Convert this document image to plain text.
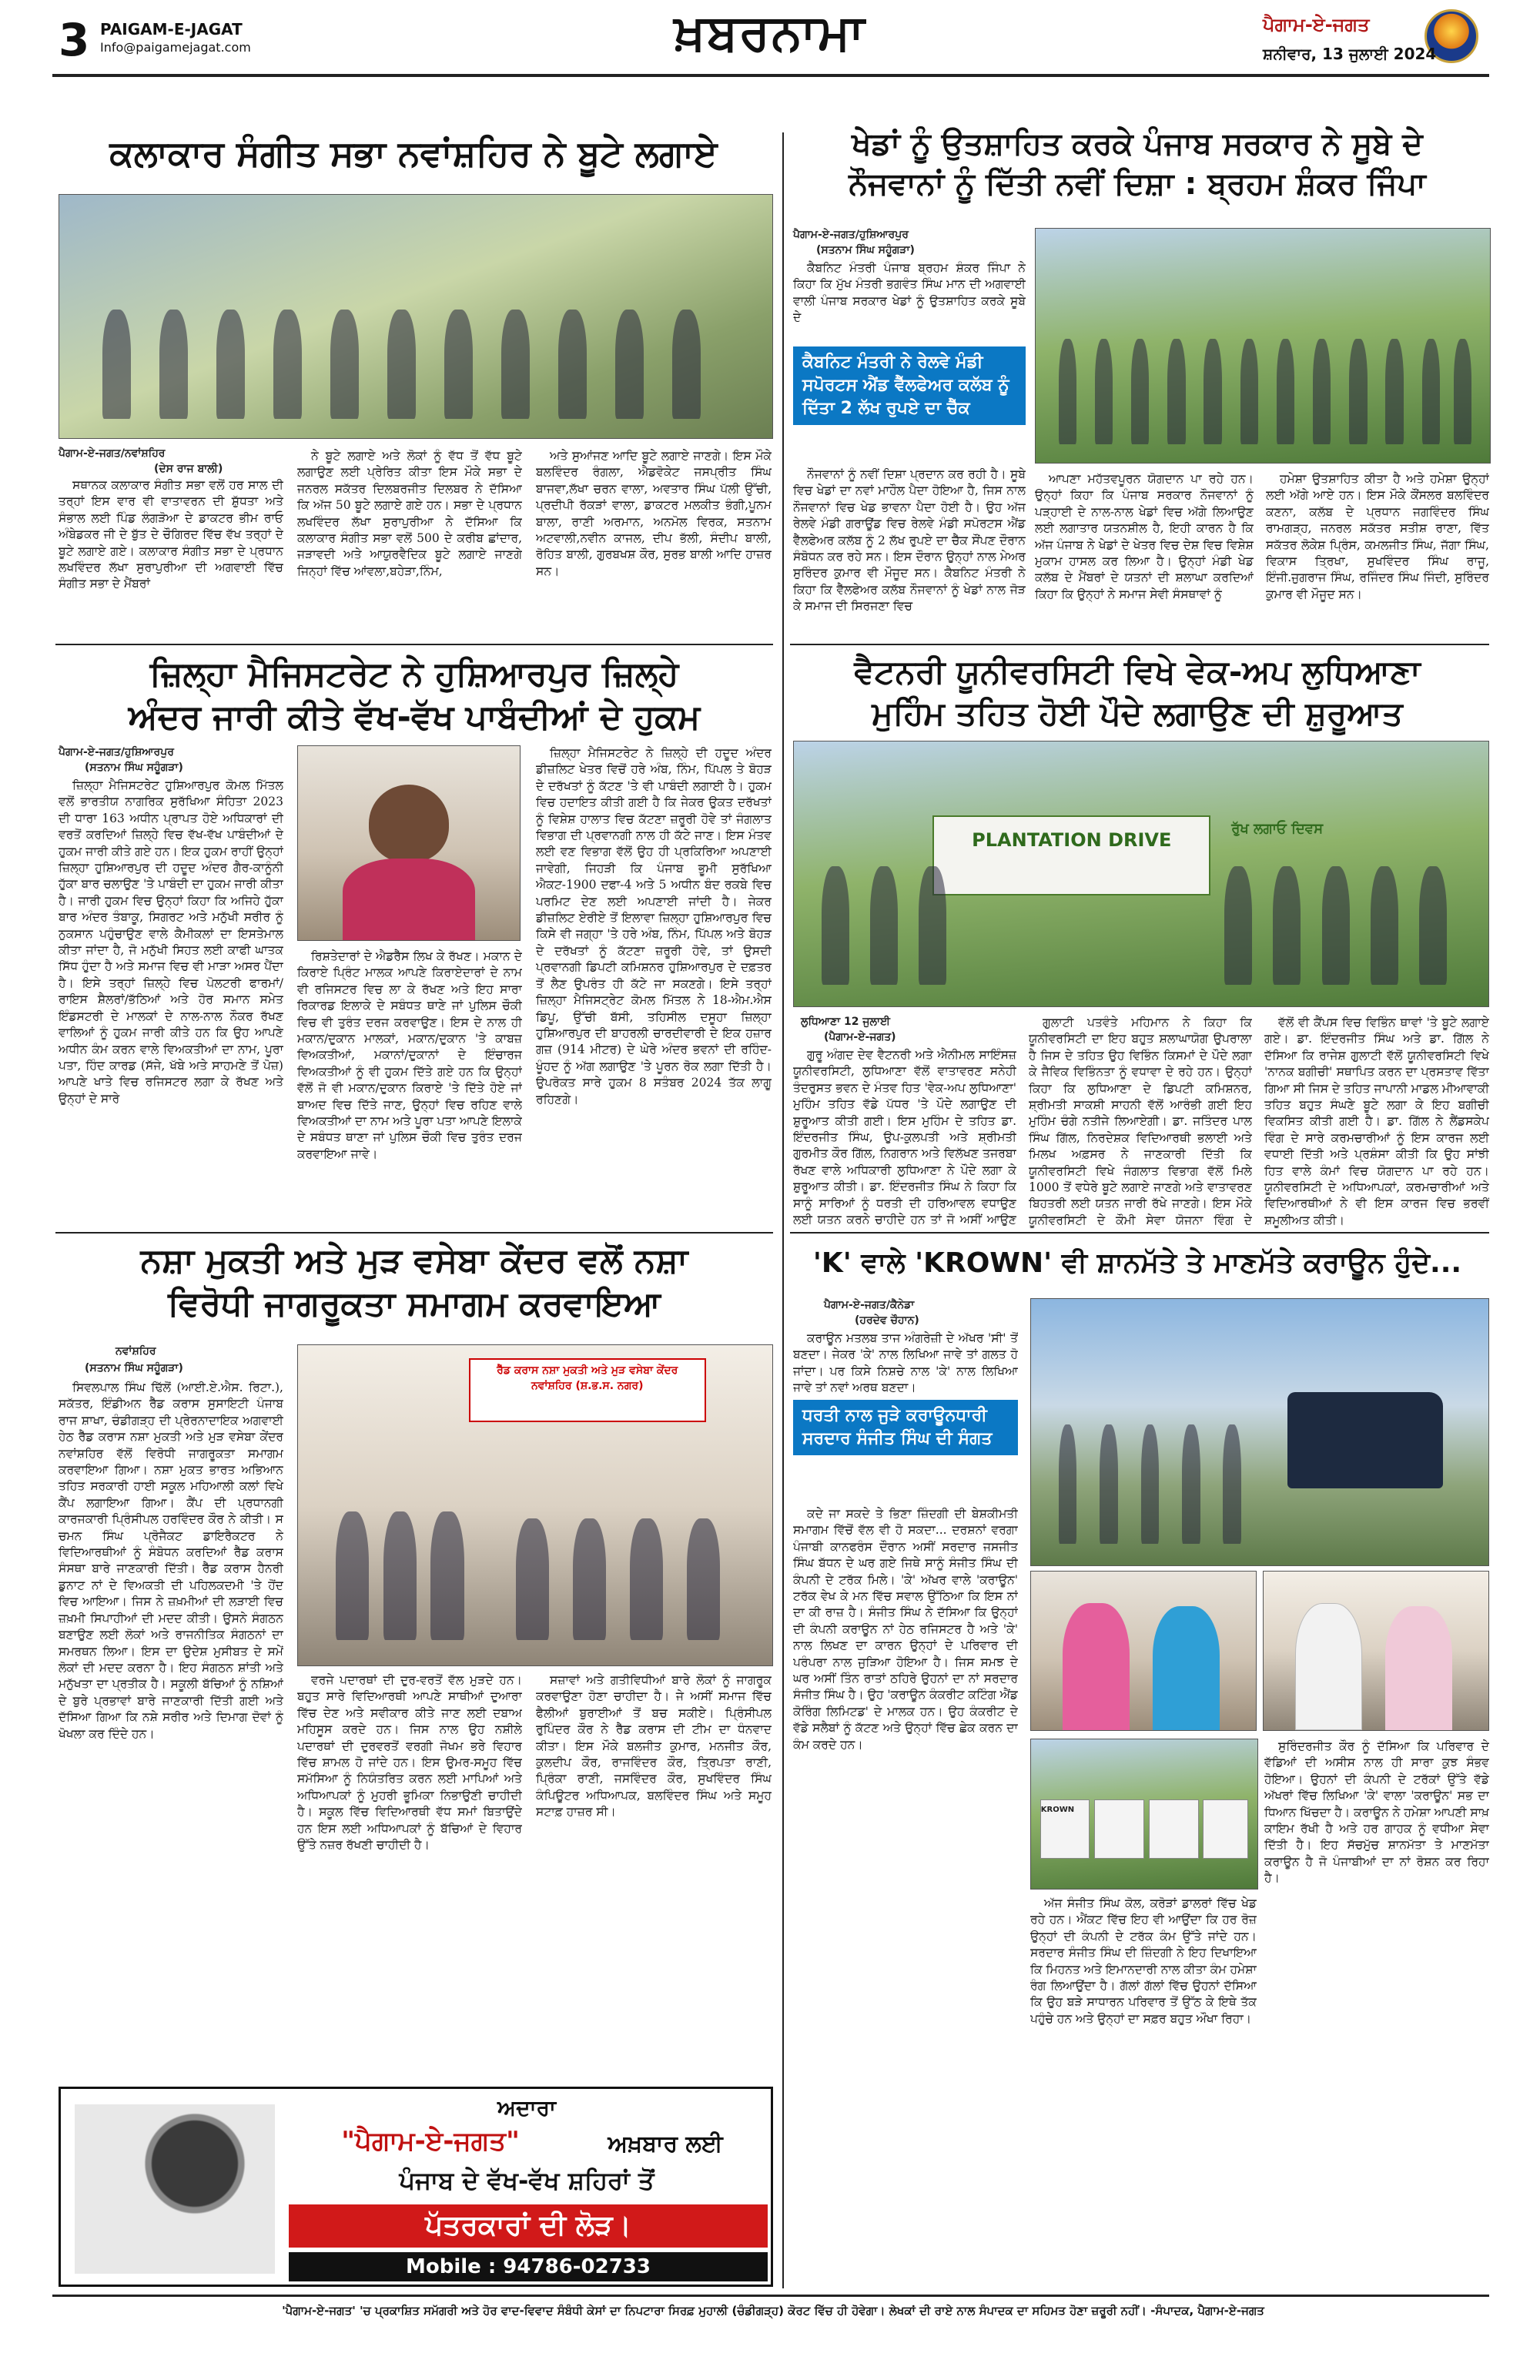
3 PAIGAM-E-JAGAT
Info@paigamejagat.com	ਖ਼ਬਰਨਾਮਾ	ਪੈਗਾਮ-ਏ-ਜਗਤ
ਸ਼ਨੀਵਾਰ, 13 ਜੁਲਾਈ 2024
ਕਲਾਕਾਰ ਸੰਗੀਤ ਸਭਾ ਨਵਾਂਸ਼ਹਿਰ ਨੇ ਬੂਟੇ ਲਗਾਏ
ਪੈਗਾਮ-ਏ-ਜਗਤ/ਨਵਾਂਸ਼ਹਿਰ
(ਦੇਸ ਰਾਜ ਬਾਲੀ)

ਸਥਾਨਕ ਕਲਾਕਾਰ ਸੰਗੀਤ ਸਭਾ ਵਲੋਂ ਹਰ ਸਾਲ ਦੀ ਤਰ੍ਹਾਂ ਇਸ ਵਾਰ ਵੀ ਵਾਤਾਵਰਨ ਦੀ ਸ਼ੁੱਧਤਾ ਅਤੇ ਸੰਭਾਲ ਲਈ ਪਿੰਡ ਲੰਗੜੋਆ ਦੇ ਡਾਕਟਰ ਭੀਮ ਰਾਓ ਅੰਬੇਡਕਰ ਜੀ ਦੇ ਬੁੱਤ ਦੇ ਚੌਗਿਰਦ ਵਿੱਚ ਵੱਖ ਤਰ੍ਹਾਂ ਦੇ ਬੂਟੇ ਲਗਾਏ ਗਏ। ਕਲਾਕਾਰ ਸੰਗੀਤ ਸਭਾ ਦੇ ਪ੍ਰਧਾਨ ਲਖਵਿੰਦਰ ਲੱਖਾ ਸੁਰਾਪੁਰੀਆ ਦੀ ਅਗਵਾਈ ਵਿੱਚ ਸੰਗੀਤ ਸਭਾ ਦੇ ਮੈਂਬਰਾਂ

ਨੇ ਬੂਟੇ ਲਗਾਏ ਅਤੇ ਲੋਕਾਂ ਨੂੰ ਵੱਧ ਤੋਂ ਵੱਧ ਬੂਟੇ ਲਗਾਉਣ ਲਈ ਪ੍ਰੇਰਿਤ ਕੀਤਾ ਇਸ ਮੌਕੇ ਸਭਾ ਦੇ ਜਨਰਲ ਸਕੱਤਰ ਦਿਲਬਰਜੀਤ ਦਿਲਬਰ ਨੇ ਦੱਸਿਆ ਕਿ ਅੱਜ 50 ਬੂਟੇ ਲਗਾਏ ਗਏ ਹਨ। ਸਭਾ ਦੇ ਪ੍ਰਧਾਨ ਲਖਵਿੰਦਰ ਲੱਖਾ ਸੁਰਾਪੁਰੀਆ ਨੇ ਦੱਸਿਆ ਕਿ ਕਲਾਕਾਰ ਸੰਗੀਤ ਸਭਾ ਵਲੋਂ 500 ਦੇ ਕਰੀਬ ਛਾਂਦਾਰ, ਜੜਾਵਦੀ ਅਤੇ ਆਯੁਰਵੈਦਿਕ ਬੂਟੇ ਲਗਾਏ ਜਾਣਗੇ ਜਿਨ੍ਹਾਂ ਵਿੱਚ ਆਂਵਲਾ,ਬਹੇੜਾ,ਨਿੰਮ,

ਅਤੇ ਸੁਆਂਜਣ ਆਦਿ ਬੂਟੇ ਲਗਾਏ ਜਾਣਗੇ। ਇਸ ਮੌਕੇ ਬਲਵਿੰਦਰ ਰੰਗਲਾ, ਐਡਵੋਕੇਟ ਜਸਪ੍ਰੀਤ ਸਿੰਘ ਬਾਜਵਾ,ਲੱਖਾ ਚਰਨ ਵਾਲਾ, ਅਵਤਾਰ ਸਿੰਘ ਪੱਲੀ ਉੱਚੀ, ਪ੍ਰਦੀਪੀ ਰੱਕੜਾਂ ਵਾਲਾ, ਡਾਕਟਰ ਮਲਕੀਤ ਭੰਗੀ,ਪੂਨਮ ਬਾਲਾ, ਰਾਣੀ ਅਰਮਾਨ, ਅਨਮੋਲ ਵਿਰਕ, ਸਤਨਾਮ ਅਟਵਾਲੀ,ਨਵੀਨ ਕਾਜਲ, ਦੀਪ ਭੱਲੀ, ਸੰਦੀਪ ਬਾਲੀ, ਰੋਹਿਤ ਬਾਲੀ, ਗੁਰਬਖਸ਼ ਕੌਰ, ਸੁਰਭ ਬਾਲੀ ਆਦਿ ਹਾਜ਼ਰ ਸਨ।

ਜ਼ਿਲ੍ਹਾ ਮੈਜਿਸਟਰੇਟ ਨੇ ਹੁਸ਼ਿਆਰਪੁਰ ਜ਼ਿਲ੍ਹੇ
ਅੰਦਰ ਜਾਰੀ ਕੀਤੇ ਵੱਖ-ਵੱਖ ਪਾਬੰਦੀਆਂ ਦੇ ਹੁਕਮ
ਪੈਗਾਮ-ਏ-ਜਗਤ/ਹੁਸ਼ਿਆਰਪੁਰ
(ਸਤਨਾਮ ਸਿੰਘ ਸਹੂੰਗੜਾ)

ਜ਼ਿਲ੍ਹਾ ਮੈਜਿਸਟਰੇਟ ਹੁਸ਼ਿਆਰਪੁਰ ਕੋਮਲ ਮਿੱਤਲ ਵਲੋਂ ਭਾਰਤੀਯ ਨਾਗਰਿਕ ਸੁਰੱਖਿਆ ਸੰਹਿਤਾ 2023 ਦੀ ਧਾਰਾ 163 ਅਧੀਨ ਪ੍ਰਾਪਤ ਹੋਏ ਅਧਿਕਾਰਾਂ ਦੀ ਵਰਤੋਂ ਕਰਦਿਆਂ ਜ਼ਿਲ੍ਹੇ ਵਿਚ ਵੱਖ-ਵੱਖ ਪਾਬੰਦੀਆਂ ਦੇ ਹੁਕਮ ਜਾਰੀ ਕੀਤੇ ਗਏ ਹਨ। ਇਕ ਹੁਕਮ ਰਾਹੀਂ ਉਨ੍ਹਾਂ ਜ਼ਿਲ੍ਹਾ ਹੁਸ਼ਿਆਰਪੁਰ ਦੀ ਹਦੂਦ ਅੰਦਰ ਗੈਰ-ਕਾਨੂੰਨੀ ਹੁੱਕਾ ਬਾਰ ਚਲਾਉਣ 'ਤੇ ਪਾਬੰਦੀ ਦਾ ਹੁਕਮ ਜਾਰੀ ਕੀਤਾ ਹੈ। ਜਾਰੀ ਹੁਕਮ ਵਿਚ ਉਨ੍ਹਾਂ ਕਿਹਾ ਕਿ ਅਜਿਹੇ ਹੁੱਕਾ ਬਾਰ ਅੰਦਰ ਤੰਬਾਕੂ, ਸਿਗਰਟ ਅਤੇ ਮਨੁੱਖੀ ਸਰੀਰ ਨੂੰ ਨੁਕਸਾਨ ਪਹੁੰਚਾਉਣ ਵਾਲੇ ਕੈਮੀਕਲਾਂ ਦਾ ਇਸਤੇਮਾਲ ਕੀਤਾ ਜਾਂਦਾ ਹੈ, ਜੋ ਮਨੁੱਖੀ ਸਿਹਤ ਲਈ ਕਾਫੀ ਘਾਤਕ ਸਿੱਧ ਹੁੰਦਾ ਹੈ ਅਤੇ ਸਮਾਜ ਵਿਚ ਵੀ ਮਾੜਾ ਅਸਰ ਪੈਂਦਾ ਹੈ। ਇਸੇ ਤਰ੍ਹਾਂ ਜ਼ਿਲ੍ਹੇ ਵਿਚ ਪੋਲਟਰੀ ਫਾਰਮਾਂ/ਰਾਇਸ ਸ਼ੈਲਰਾਂ/ਭੱਠਿਆਂ ਅਤੇ ਹੋਰ ਸਮਾਨ ਸਮੇਤ ਇੰਡਸਟਰੀ ਦੇ ਮਾਲਕਾਂ ਦੇ ਨਾਲ-ਨਾਲ ਨੌਕਰ ਰੱਖਣ ਵਾਲਿਆਂ ਨੂੰ ਹੁਕਮ ਜਾਰੀ ਕੀਤੇ ਹਨ ਕਿ ਉਹ ਆਪਣੇ ਅਧੀਨ ਕੰਮ ਕਰਨ ਵਾਲੇ ਵਿਅਕਤੀਆਂ ਦਾ ਨਾਮ, ਪੂਰਾ ਪਤਾ, ਹਿੰਦ ਕਾਰਡ (ਸੱਜੇ, ਖੱਬੇ ਅਤੇ ਸਾਹਮਣੇ ਤੋਂ ਪੋਜ਼) ਆਪਣੇ ਖਾਤੇ ਵਿਚ ਰਜਿਸਟਰ ਲਗਾ ਕੇ ਰੱਖਣ ਅਤੇ ਉਨ੍ਹਾਂ ਦੇ ਸਾਰੇ

ਰਿਸ਼ਤੇਦਾਰਾਂ ਦੇ ਐਡਰੈੱਸ ਲਿਖ ਕੇ ਰੱਖਣ। ਮਕਾਨ ਦੇ ਕਿਰਾਏ ਪ੍ਰਿੰਟ ਮਾਲਕ ਆਪਣੇ ਕਿਰਾਏਦਾਰਾਂ ਦੇ ਨਾਮ ਵੀ ਰਜਿਸਟਰ ਵਿਚ ਲਾ ਕੇ ਰੱਖਣ ਅਤੇ ਇਹ ਸਾਰਾ ਰਿਕਾਰਡ ਇਲਾਕੇ ਦੇ ਸਬੰਧਤ ਥਾਣੇ ਜਾਂ ਪੁਲਿਸ ਚੌਕੀ ਵਿਚ ਵੀ ਤੁਰੰਤ ਦਰਜ ਕਰਵਾਉਣ। ਇਸ ਦੇ ਨਾਲ ਹੀ ਮਕਾਨ/ਦੁਕਾਨ ਮਾਲਕਾਂ, ਮਕਾਨ/ਦੁਕਾਨ 'ਤੇ ਕਾਬਜ਼ ਵਿਅਕਤੀਆਂ, ਮਕਾਨਾਂ/ਦੁਕਾਨਾਂ ਦੇ ਇੰਚਾਰਜ ਵਿਅਕਤੀਆਂ ਨੂੰ ਵੀ ਹੁਕਮ ਦਿੱਤੇ ਗਏ ਹਨ ਕਿ ਉਨ੍ਹਾਂ ਵੱਲੋਂ ਜੋ ਵੀ ਮਕਾਨ/ਦੁਕਾਨ ਕਿਰਾਏ 'ਤੇ ਦਿੱਤੇ ਹੋਏ ਜਾਂ ਬਾਅਦ ਵਿਚ ਦਿੱਤੇ ਜਾਣ, ਉਨ੍ਹਾਂ ਵਿਚ ਰਹਿਣ ਵਾਲੇ ਵਿਅਕਤੀਆਂ ਦਾ ਨਾਮ ਅਤੇ ਪੂਰਾ ਪਤਾ ਆਪਣੇ ਇਲਾਕੇ ਦੇ ਸਬੰਧਤ ਥਾਣਾ ਜਾਂ ਪੁਲਿਸ ਚੌਕੀ ਵਿਚ ਤੁਰੰਤ ਦਰਜ ਕਰਵਾਇਆ ਜਾਵੇ।

ਜ਼ਿਲ੍ਹਾ ਮੈਜਿਸਟਰੇਟ ਨੇ ਜ਼ਿਲ੍ਹੇ ਦੀ ਹਦੂਦ ਅੰਦਰ ਡੀਜ਼ਲਿਟ ਖੇਤਰ ਵਿਚੋਂ ਹਰੇ ਅੰਬ, ਨਿੰਮ, ਪਿੱਪਲ ਤੇ ਬੋਹੜ ਦੇ ਦਰੱਖਤਾਂ ਨੂੰ ਕੱਟਣ 'ਤੇ ਵੀ ਪਾਬੰਦੀ ਲਗਾਈ ਹੈ। ਹੁਕਮ ਵਿਚ ਹਦਾਇਤ ਕੀਤੀ ਗਈ ਹੈ ਕਿ ਜੇਕਰ ਉਕਤ ਦਰੱਖਤਾਂ ਨੂੰ ਵਿਸ਼ੇਸ਼ ਹਾਲਾਤ ਵਿਚ ਕੱਟਣਾ ਜ਼ਰੂਰੀ ਹੋਵੇ ਤਾਂ ਜੰਗਲਾਤ ਵਿਭਾਗ ਦੀ ਪ੍ਰਵਾਨਗੀ ਨਾਲ ਹੀ ਕੱਟੇ ਜਾਣ। ਇਸ ਮੰਤਵ ਲਈ ਵਣ ਵਿਭਾਗ ਵੱਲੋਂ ਉਹ ਹੀ ਪ੍ਰਕਿਰਿਆ ਅਪਣਾਈ ਜਾਵੇਗੀ, ਜਿਹੜੀ ਕਿ ਪੰਜਾਬ ਭੂਮੀ ਸੁਰੱਖਿਆ ਐਕਟ-1900 ਦਫਾ-4 ਅਤੇ 5 ਅਧੀਨ ਬੰਦ ਰਕਬੇ ਵਿਚ ਪਰਮਿਟ ਦੇਣ ਲਈ ਅਪਣਾਈ ਜਾਂਦੀ ਹੈ। ਜੇਕਰ ਡੀਜ਼ਲਿਟ ਏਰੀਏ ਤੋਂ ਇਲਾਵਾ ਜ਼ਿਲ੍ਹਾ ਹੁਸ਼ਿਆਰਪੁਰ ਵਿਚ ਕਿਸੇ ਵੀ ਜਗ੍ਹਾ 'ਤੇ ਹਰੇ ਅੰਬ, ਨਿੰਮ, ਪਿੱਪਲ ਅਤੇ ਬੋਹੜ ਦੇ ਦਰੱਖਤਾਂ ਨੂੰ ਕੱਟਣਾ ਜ਼ਰੂਰੀ ਹੋਵੇ, ਤਾਂ ਉਸਦੀ ਪ੍ਰਵਾਨਗੀ ਡਿਪਟੀ ਕਮਿਸ਼ਨਰ ਹੁਸ਼ਿਆਰਪੁਰ ਦੇ ਦਫ਼ਤਰ ਤੋਂ ਲੈਣ ਉਪਰੰਤ ਹੀ ਕੱਟੇ ਜਾ ਸਕਣਗੇ। ਇਸੇ ਤਰ੍ਹਾਂ ਜ਼ਿਲ੍ਹਾ ਮੈਜਿਸਟ੍ਰੇਟ ਕੋਮਲ ਮਿੱਤਲ ਨੇ 18-ਐਮ.ਐਸ ਡਿਪੂ, ਉੱਚੀ ਬੱਸੀ, ਤਹਿਸੀਲ ਦਸੂਹਾ ਜ਼ਿਲ੍ਹਾ ਹੁਸ਼ਿਆਰਪੁਰ ਦੀ ਬਾਹਰਲੀ ਚਾਰਦੀਵਾਰੀ ਦੇ ਇਕ ਹਜ਼ਾਰ ਗਜ਼ (914 ਮੀਟਰ) ਦੇ ਘੇਰੇ ਅੰਦਰ ਭਵਨਾਂ ਦੀ ਰਹਿੰਦ-ਖੂੰਹਦ ਨੂੰ ਅੱਗ ਲਗਾਉਣ 'ਤੇ ਪੂਰਨ ਰੋਕ ਲਗਾ ਦਿੱਤੀ ਹੈ। ਉਪਰੋਕਤ ਸਾਰੇ ਹੁਕਮ 8 ਸਤੰਬਰ 2024 ਤੱਕ ਲਾਗੂ ਰਹਿਣਗੇ।

ਨਸ਼ਾ ਮੁਕਤੀ ਅਤੇ ਮੁੜ ਵਸੇਬਾ ਕੇਂਦਰ ਵਲੋਂ ਨਸ਼ਾ
ਵਿਰੋਧੀ ਜਾਗਰੂਕਤਾ ਸਮਾਗਮ ਕਰਵਾਇਆ
ਨਵਾਂਸ਼ਹਿਰ
(ਸਤਨਾਮ ਸਿੰਘ ਸਹੂੰਗੜਾ)

ਸਿਵਲਪਾਲ ਸਿੰਘ ਢਿੱਲੋਂ (ਆਈ.ਏ.ਐਸ. ਰਿਟਾ.), ਸਕੱਤਰ, ਇੰਡੀਅਨ ਰੈੱਡ ਕਰਾਸ ਸੁਸਾਇਟੀ ਪੰਜਾਬ ਰਾਜ ਸ਼ਾਖਾ, ਚੰਡੀਗੜ੍ਹ ਦੀ ਪ੍ਰੇਰਨਾਦਾਇਕ ਅਗਵਾਈ ਹੇਠ ਰੈੱਡ ਕਰਾਸ ਨਸ਼ਾ ਮੁਕਤੀ ਅਤੇ ਮੁੜ ਵਸੇਬਾ ਕੇਂਦਰ ਨਵਾਂਸ਼ਹਿਰ ਵੱਲੋਂ ਵਿਰੋਧੀ ਜਾਗਰੂਕਤਾ ਸਮਾਗਮ ਕਰਵਾਇਆ ਗਿਆ। ਨਸ਼ਾ ਮੁਕਤ ਭਾਰਤ ਅਭਿਆਨ ਤਹਿਤ ਸਰਕਾਰੀ ਹਾਈ ਸਕੂਲ ਮਹਿਆਲੀ ਕਲਾਂ ਵਿਖੇ ਕੈਂਪ ਲਗਾਇਆ ਗਿਆ। ਕੈਂਪ ਦੀ ਪ੍ਰਧਾਨਗੀ ਕਾਰਜਕਾਰੀ ਪ੍ਰਿੰਸੀਪਲ ਹਰਵਿੰਦਰ ਕੌਰ ਨੇ ਕੀਤੀ। ਸ ਚਮਨ ਸਿੰਘ ਪ੍ਰੋਜੈਕਟ ਡਾਇਰੈਕਟਰ ਨੇ ਵਿਦਿਆਰਥੀਆਂ ਨੂੰ ਸੰਬੋਧਨ ਕਰਦਿਆਂ ਰੈੱਡ ਕਰਾਸ ਸੰਸਥਾ ਬਾਰੇ ਜਾਣਕਾਰੀ ਦਿੱਤੀ। ਰੈੱਡ ਕਰਾਸ ਹੈਨਰੀ ਡੁਨਾਟ ਨਾਂ ਦੇ ਵਿਅਕਤੀ ਦੀ ਪਹਿਲਕਦਮੀ 'ਤੇ ਹੋਂਦ ਵਿਚ ਆਇਆ। ਜਿਸ ਨੇ ਜ਼ਖ਼ਮੀਆਂ ਦੀ ਲੜਾਈ ਵਿਚ ਜ਼ਖ਼ਮੀ ਸਿਪਾਹੀਆਂ ਦੀ ਮਦਦ ਕੀਤੀ। ਉਸਨੇ ਸੰਗਠਨ ਬਣਾਉਣ ਲਈ ਲੋਕਾਂ ਅਤੇ ਰਾਜਨੀਤਿਕ ਸੰਗਠਨਾਂ ਦਾ ਸਮਰਥਨ ਲਿਆ। ਇਸ ਦਾ ਉਦੇਸ਼ ਮੁਸੀਬਤ ਦੇ ਸਮੇਂ ਲੋਕਾਂ ਦੀ ਮਦਦ ਕਰਨਾ ਹੈ। ਇਹ ਸੰਗਠਨ ਸ਼ਾਂਤੀ ਅਤੇ ਮਨੁੱਖਤਾ ਦਾ ਪ੍ਰਤੀਕ ਹੈ। ਸਕੂਲੀ ਬੱਚਿਆਂ ਨੂੰ ਨਸ਼ਿਆਂ ਦੇ ਬੁਰੇ ਪ੍ਰਭਾਵਾਂ ਬਾਰੇ ਜਾਣਕਾਰੀ ਦਿੱਤੀ ਗਈ ਅਤੇ ਦੱਸਿਆ ਗਿਆ ਕਿ ਨਸ਼ੇ ਸਰੀਰ ਅਤੇ ਦਿਮਾਗ ਦੋਵਾਂ ਨੂੰ ਖੋਖਲਾ ਕਰ ਦਿੰਦੇ ਹਨ।

ਰੈੱਡ ਕਰਾਸ ਨਸ਼ਾ ਮੁਕਤੀ ਅਤੇ ਮੁੜ ਵਸੇਬਾ ਕੇਂਦਰ
ਨਵਾਂਸ਼ਹਿਰ (ਸ਼.ਭ.ਸ. ਨਗਰ)

ਵਰਜੇ ਪਦਾਰਥਾਂ ਦੀ ਦੁਰ-ਵਰਤੋਂ ਵੱਲ ਮੁੜਦੇ ਹਨ। ਬਹੁਤ ਸਾਰੇ ਵਿਦਿਆਰਥੀ ਆਪਣੇ ਸਾਥੀਆਂ ਦੁਆਰਾ ਵਿੱਚ ਦੇਣ ਅਤੇ ਸਵੀਕਾਰ ਕੀਤੇ ਜਾਣ ਲਈ ਦਬਾਅ ਮਹਿਸੂਸ ਕਰਦੇ ਹਨ। ਜਿਸ ਨਾਲ ਉਹ ਨਸ਼ੀਲੇ ਪਦਾਰਥਾਂ ਦੀ ਦੁਰਵਰਤੋਂ ਵਰਗੀ ਜੋਖਮ ਭਰੇ ਵਿਹਾਰ ਵਿੱਚ ਸ਼ਾਮਲ ਹੋ ਜਾਂਦੇ ਹਨ। ਇਸ ਉਮਰ-ਸਮੂਹ ਵਿੱਚ ਸਮੱਸਿਆ ਨੂੰ ਨਿਯੰਤਰਿਤ ਕਰਨ ਲਈ ਮਾਪਿਆਂ ਅਤੇ ਅਧਿਆਪਕਾਂ ਨੂੰ ਮੁਹਰੀ ਭੂਮਿਕਾ ਨਿਭਾਉਣੀ ਚਾਹੀਦੀ ਹੈ। ਸਕੂਲ ਵਿੱਚ ਵਿਦਿਆਰਥੀ ਵੱਧ ਸਮਾਂ ਬਿਤਾਉਂਦੇ ਹਨ ਇਸ ਲਈ ਅਧਿਆਪਕਾਂ ਨੂੰ ਬੱਚਿਆਂ ਦੇ ਵਿਹਾਰ ਉੱਤੇ ਨਜ਼ਰ ਰੱਖਣੀ ਚਾਹੀਦੀ ਹੈ।

ਸਜ਼ਾਵਾਂ ਅਤੇ ਗਤੀਵਿਧੀਆਂ ਬਾਰੇ ਲੋਕਾਂ ਨੂੰ ਜਾਗਰੂਕ ਕਰਵਾਉਣਾ ਹੋਣਾ ਚਾਹੀਦਾ ਹੈ। ਜੇ ਅਸੀਂ ਸਮਾਜ ਵਿੱਚ ਫੈਲੀਆਂ ਬੁਰਾਈਆਂ ਤੋਂ ਬਚ ਸਕੀਏ। ਪ੍ਰਿੰਸੀਪਲ ਰੁਪਿੰਦਰ ਕੌਰ ਨੇ ਰੈੱਡ ਕਰਾਸ ਦੀ ਟੀਮ ਦਾ ਧੰਨਵਾਦ ਕੀਤਾ। ਇਸ ਮੌਕੇ ਬਲਜੀਤ ਕੁਮਾਰ, ਮਨਜੀਤ ਕੌਰ, ਕੁਲਦੀਪ ਕੌਰ, ਰਾਜਵਿੰਦਰ ਕੌਰ, ਤ੍ਰਿਪਤਾ ਰਾਣੀ, ਪ੍ਰਿੰਕਾ ਰਾਣੀ, ਜਸਵਿੰਦਰ ਕੌਰ, ਸੁਖਵਿੰਦਰ ਸਿੰਘ ਕੰਪਿਊਟਰ ਅਧਿਆਪਕ, ਬਲਵਿੰਦਰ ਸਿੰਘ ਅਤੇ ਸਮੂਹ ਸਟਾਫ਼ ਹਾਜ਼ਰ ਸੀ।

ਅਦਾਰਾ
"ਪੈਗਾਮ-ਏ-ਜਗਤ"	ਅਖ਼ਬਾਰ ਲਈ
ਪੰਜਾਬ ਦੇ ਵੱਖ-ਵੱਖ ਸ਼ਹਿਰਾਂ ਤੋਂ
ਪੱਤਰਕਾਰਾਂ ਦੀ ਲੋੜ।
Mobile : 94786-02733
ਖੇਡਾਂ ਨੂੰ ਉਤਸ਼ਾਹਿਤ ਕਰਕੇ ਪੰਜਾਬ ਸਰਕਾਰ ਨੇ ਸੂਬੇ ਦੇ
ਨੌਜਵਾਨਾਂ ਨੂੰ ਦਿੱਤੀ ਨਵੀਂ ਦਿਸ਼ਾ : ਬ੍ਰਹਮ ਸ਼ੰਕਰ ਜਿੰਪਾ
ਪੈਗਾਮ-ਏ-ਜਗਤ/ਹੁਸ਼ਿਆਰਪੁਰ
(ਸਤਨਾਮ ਸਿੰਘ ਸਹੂੰਗੜਾ)

ਕੈਬਨਿਟ ਮੰਤਰੀ ਪੰਜਾਬ ਬ੍ਰਹਮ ਸ਼ੰਕਰ ਜਿੰਪਾ ਨੇ ਕਿਹਾ ਕਿ ਮੁੱਖ ਮੰਤਰੀ ਭਗਵੰਤ ਸਿੰਘ ਮਾਨ ਦੀ ਅਗਵਾਈ ਵਾਲੀ ਪੰਜਾਬ ਸਰਕਾਰ ਖੇਡਾਂ ਨੂੰ ਉਤਸ਼ਾਹਿਤ ਕਰਕੇ ਸੂਬੇ ਦੇ

ਕੈਬਨਿਟ ਮੰਤਰੀ ਨੇ ਰੇਲਵੇ ਮੰਡੀ ਸਪੋਰਟਸ ਐਂਡ ਵੈੱਲਫੇਅਰ ਕਲੱਬ ਨੂੰ ਦਿੱਤਾ 2 ਲੱਖ ਰੁਪਏ ਦਾ ਚੈੱਕ

ਨੌਜਵਾਨਾਂ ਨੂੰ ਨਵੀਂ ਦਿਸ਼ਾ ਪ੍ਰਦਾਨ ਕਰ ਰਹੀ ਹੈ। ਸੂਬੇ ਵਿਚ ਖੇਡਾਂ ਦਾ ਨਵਾਂ ਮਾਹੌਲ ਪੈਦਾ ਹੋਇਆ ਹੈ, ਜਿਸ ਨਾਲ ਨੌਜਵਾਨਾਂ ਵਿਚ ਖੇਡ ਭਾਵਨਾ ਪੈਦਾ ਹੋਈ ਹੈ। ਉਹ ਅੱਜ ਰੇਲਵੇ ਮੰਡੀ ਗਰਾਊਂਡ ਵਿਚ ਰੇਲਵੇ ਮੰਡੀ ਸਪੋਰਟਸ ਐਂਡ ਵੈੱਲਫੇਅਰ ਕਲੱਬ ਨੂੰ 2 ਲੱਖ ਰੁਪਏ ਦਾ ਚੈੱਕ ਸੌਂਪਣ ਦੌਰਾਨ ਸੰਬੋਧਨ ਕਰ ਰਹੇ ਸਨ। ਇਸ ਦੌਰਾਨ ਉਨ੍ਹਾਂ ਨਾਲ ਮੇਅਰ ਸੁਰਿੰਦਰ ਕੁਮਾਰ ਵੀ ਮੌਜੂਦ ਸਨ। ਕੈਬਨਿਟ ਮੰਤਰੀ ਨੇ ਕਿਹਾ ਕਿ ਵੈੱਲਫੇਅਰ ਕਲੱਬ ਨੌਜਵਾਨਾਂ ਨੂੰ ਖੇਡਾਂ ਨਾਲ ਜੋੜ ਕੇ ਸਮਾਜ ਦੀ ਸਿਰਜਣਾ ਵਿਚ

ਆਪਣਾ ਮਹੱਤਵਪੂਰਨ ਯੋਗਦਾਨ ਪਾ ਰਹੇ ਹਨ। ਉਨ੍ਹਾਂ ਕਿਹਾ ਕਿ ਪੰਜਾਬ ਸਰਕਾਰ ਨੌਜਵਾਨਾਂ ਨੂੰ ਪੜ੍ਹਾਈ ਦੇ ਨਾਲ-ਨਾਲ ਖੇਡਾਂ ਵਿਚ ਅੱਗੇ ਲਿਆਉਣ ਲਈ ਲਗਾਤਾਰ ਯਤਨਸ਼ੀਲ ਹੈ, ਇਹੀ ਕਾਰਨ ਹੈ ਕਿ ਅੱਜ ਪੰਜਾਬ ਨੇ ਖੇਡਾਂ ਦੇ ਖੇਤਰ ਵਿਚ ਦੇਸ਼ ਵਿਚ ਵਿਸ਼ੇਸ਼ ਮੁਕਾਮ ਹਾਸਲ ਕਰ ਲਿਆ ਹੈ। ਉਨ੍ਹਾਂ ਮੰਡੀ ਖੇਡ ਕਲੱਬ ਦੇ ਮੈਂਬਰਾਂ ਦੇ ਯਤਨਾਂ ਦੀ ਸ਼ਲਾਘਾ ਕਰਦਿਆਂ ਕਿਹਾ ਕਿ ਉਨ੍ਹਾਂ ਨੇ ਸਮਾਜ ਸੇਵੀ ਸੰਸਥਾਵਾਂ ਨੂੰ

ਹਮੇਸ਼ਾ ਉਤਸ਼ਾਹਿਤ ਕੀਤਾ ਹੈ ਅਤੇ ਹਮੇਸ਼ਾ ਉਨ੍ਹਾਂ ਲਈ ਅੱਗੇ ਆਏ ਹਨ। ਇਸ ਮੌਕੇ ਕੌਂਸਲਰ ਬਲਵਿੰਦਰ ਕਣਨਾ, ਕਲੱਬ ਦੇ ਪ੍ਰਧਾਨ ਜਗਵਿੰਦਰ ਸਿੰਘ ਰਾਮਗੜ੍ਹ, ਜਨਰਲ ਸਕੱਤਰ ਸਤੀਸ਼ ਰਾਣਾ, ਵਿੱਤ ਸਕੱਤਰ ਲੋਕੇਸ਼ ਪ੍ਰਿੰਸ, ਕਮਲਜੀਤ ਸਿੰਘ, ਜੱਗਾ ਸਿੰਘ, ਵਿਕਾਸ ਤ੍ਰਿਖਾ, ਸੁਖਵਿੰਦਰ ਸਿੰਘ ਰਾਜੂ, ਇੰਜੀ.ਜੁਗਰਾਜ ਸਿੰਘ, ਰਜਿੰਦਰ ਸਿੰਘ ਜਿੰਦੀ, ਸੁਰਿੰਦਰ ਕੁਮਾਰ ਵੀ ਮੌਜੂਦ ਸਨ।

ਵੈਟਨਰੀ ਯੂਨੀਵਰਸਿਟੀ ਵਿਖੇ ਵੇਕ-ਅਪ ਲੁਧਿਆਣਾ
ਮੁਹਿੰਮ ਤਹਿਤ ਹੋਈ ਪੌਦੇ ਲਗਾਉਣ ਦੀ ਸ਼ੁਰੂਆਤ
PLANTATION DRIVE
ਰੁੱਖ ਲਗਾਓ ਦਿਵਸ
ਲੁਧਿਆਣਾ 12 ਜੁਲਾਈ
(ਪੈਗਾਮ-ਏ-ਜਗਤ)

ਗੁਰੂ ਅੰਗਦ ਦੇਵ ਵੈਟਨਰੀ ਅਤੇ ਐਨੀਮਲ ਸਾਇੰਸਜ਼ ਯੂਨੀਵਰਸਿਟੀ, ਲੁਧਿਆਣਾ ਵੱਲੋਂ ਵਾਤਾਵਰਣ ਸਨੇਹੀ ਤੰਦਰੁਸਤ ਭਵਨ ਦੇ ਮੰਤਵ ਹਿਤ 'ਵੇਕ-ਅਪ ਲੁਧਿਆਣਾ' ਮੁਹਿੰਮ ਤਹਿਤ ਵੱਡੇ ਪੱਧਰ 'ਤੇ ਪੌਦੇ ਲਗਾਉਣ ਦੀ ਸ਼ੁਰੂਆਤ ਕੀਤੀ ਗਈ। ਇਸ ਮੁਹਿੰਮ ਦੇ ਤਹਿਤ ਡਾ. ਇੰਦਰਜੀਤ ਸਿੰਘ, ਉਪ-ਕੁਲਪਤੀ ਅਤੇ ਸ਼੍ਰੀਮਤੀ ਗੁਰਮੀਤ ਕੌਰ ਗਿੱਲ, ਨਿਗਰਾਨ ਅਤੇ ਵਿਲੱਖਣ ਤਜਰਬਾ ਰੱਖਣ ਵਾਲੇ ਅਧਿਕਾਰੀ ਲੁਧਿਆਣਾ ਨੇ ਪੌਦੇ ਲਗਾ ਕੇ ਸ਼ੁਰੂਆਤ ਕੀਤੀ। ਡਾ. ਇੰਦਰਜੀਤ ਸਿੰਘ ਨੇ ਕਿਹਾ ਕਿ ਸਾਨੂੰ ਸਾਰਿਆਂ ਨੂੰ ਧਰਤੀ ਦੀ ਹਰਿਆਵਲ ਵਧਾਉਣ ਲਈ ਯਤਨ ਕਰਨੇ ਚਾਹੀਦੇ ਹਨ ਤਾਂ ਜੋ ਅਸੀਂ ਆਉਣ

ਗੁਲਾਟੀ ਪਤਵੰਤੇ ਮਹਿਮਾਨ ਨੇ ਕਿਹਾ ਕਿ ਯੂਨੀਵਰਸਿਟੀ ਦਾ ਇਹ ਬਹੁਤ ਸ਼ਲਾਘਾਯੋਗ ਉਪਰਾਲਾ ਹੈ ਜਿਸ ਦੇ ਤਹਿਤ ਉਹ ਵਿਭਿੰਨ ਕਿਸਮਾਂ ਦੇ ਪੌਦੇ ਲਗਾ ਕੇ ਜੈਵਿਕ ਵਿਭਿੰਨਤਾ ਨੂੰ ਵਧਾਵਾ ਦੇ ਰਹੇ ਹਨ। ਉਨ੍ਹਾਂ ਕਿਹਾ ਕਿ ਲੁਧਿਆਣਾ ਦੇ ਡਿਪਟੀ ਕਮਿਸ਼ਨਰ, ਸ਼੍ਰੀਮਤੀ ਸਾਕਸ਼ੀ ਸਾਹਨੀ ਵੱਲੋਂ ਆਰੰਭੀ ਗਈ ਇਹ ਮੁਹਿੰਮ ਚੰਗੇ ਨਤੀਜੇ ਲਿਆਏਗੀ। ਡਾ. ਜਤਿੰਦਰ ਪਾਲ ਸਿੰਘ ਗਿੱਲ, ਨਿਰਦੇਸ਼ਕ ਵਿਦਿਆਰਥੀ ਭਲਾਈ ਅਤੇ ਮਿਲਖ ਅਫ਼ਸਰ ਨੇ ਜਾਣਕਾਰੀ ਦਿੱਤੀ ਕਿ ਯੂਨੀਵਰਸਿਟੀ ਵਿਖੇ ਜੰਗਲਾਤ ਵਿਭਾਗ ਵੱਲੋਂ ਮਿਲੇ 1000 ਤੋਂ ਵਧੇਰੇ ਬੂਟੇ ਲਗਾਏ ਜਾਣਗੇ ਅਤੇ ਵਾਤਾਵਰਣ ਬਿਹਤਰੀ ਲਈ ਯਤਨ ਜਾਰੀ ਰੱਖੇ ਜਾਣਗੇ। ਇਸ ਮੌਕੇ ਯੂਨੀਵਰਸਿਟੀ ਦੇ ਕੌਮੀ ਸੇਵਾ ਯੋਜਨਾ ਵਿੰਗ ਦੇ

ਵੱਲੋਂ ਵੀ ਕੈਂਪਸ ਵਿਚ ਵਿਭਿੰਨ ਥਾਵਾਂ 'ਤੇ ਬੂਟੇ ਲਗਾਏ ਗਏ। ਡਾ. ਇੰਦਰਜੀਤ ਸਿੰਘ ਅਤੇ ਡਾ. ਗਿੱਲ ਨੇ ਦੱਸਿਆ ਕਿ ਰਾਜੇਸ਼ ਗੁਲਾਟੀ ਵੱਲੋਂ ਯੂਨੀਵਰਸਿਟੀ ਵਿਖੇ 'ਨਾਨਕ ਬਗੀਚੀ' ਸਥਾਪਿਤ ਕਰਨ ਦਾ ਪ੍ਰਸਤਾਵ ਵਿੱਤਾ ਗਿਆ ਸੀ ਜਿਸ ਦੇ ਤਹਿਤ ਜਾਪਾਨੀ ਮਾਡਲ ਮੀਆਵਾਕੀ ਤਹਿਤ ਬਹੁਤ ਸੰਘਣੇ ਬੂਟੇ ਲਗਾ ਕੇ ਇਹ ਬਗੀਚੀ ਵਿਕਸਿਤ ਕੀਤੀ ਗਈ ਹੈ। ਡਾ. ਗਿੱਲ ਨੇ ਲੈਂਡਸਕੇਪ ਵਿੰਗ ਦੇ ਸਾਰੇ ਕਰਮਚਾਰੀਆਂ ਨੂੰ ਇਸ ਕਾਰਜ ਲਈ ਵਧਾਈ ਦਿੱਤੀ ਅਤੇ ਪ੍ਰਸ਼ੰਸਾ ਕੀਤੀ ਕਿ ਉਹ ਸਾਂਝੀ ਹਿਤ ਵਾਲੇ ਕੰਮਾਂ ਵਿਚ ਯੋਗਦਾਨ ਪਾ ਰਹੇ ਹਨ। ਯੂਨੀਵਰਸਿਟੀ ਦੇ ਅਧਿਆਪਕਾਂ, ਕਰਮਚਾਰੀਆਂ ਅਤੇ ਵਿਦਿਆਰਥੀਆਂ ਨੇ ਵੀ ਇਸ ਕਾਰਜ ਵਿਚ ਭਰਵੀਂ ਸ਼ਮੂਲੀਅਤ ਕੀਤੀ।

'K' ਵਾਲੇ 'KROWN' ਵੀ ਸ਼ਾਨਮੱਤੇ ਤੇ ਮਾਣਮੱਤੇ ਕਰਾਊਨ ਹੁੰਦੇ...
ਪੈਗਾਮ-ਏ-ਜਗਤ/ਕੈਨੇਡਾ
(ਹਰਦੇਵ ਚੌਹਾਨ)

ਕਰਾਊਨ ਮਤਲਬ ਤਾਜ ਅੰਗਰੇਜ਼ੀ ਦੇ ਅੱਖਰ 'ਸੀ' ਤੋਂ ਬਣਦਾ। ਜੇਕਰ 'ਕੇ' ਨਾਲ ਲਿਖਿਆ ਜਾਵੇ ਤਾਂ ਗਲਤ ਹੋ ਜਾਂਦਾ। ਪਰ ਕਿਸੇ ਨਿਸ਼ਚੇ ਨਾਲ 'ਕੇ' ਨਾਲ ਲਿਖਿਆ ਜਾਵੇ ਤਾਂ ਨਵਾਂ ਅਰਥ ਬਣਦਾ।

ਧਰਤੀ ਨਾਲ ਜੁੜੇ ਕਰਾਊਨਧਾਰੀ ਸਰਦਾਰ ਸੰਜੀਤ ਸਿੰਘ ਦੀ ਸੰਗਤ

ਕਦੇ ਜਾ ਸਕਦੇ ਤੇ ਭਿਣਾ ਜ਼ਿੰਦਗੀ ਦੀ ਬੇਸ਼ਕੀਮਤੀ ਸਮਾਗਮ ਵਿੱਚੋਂ ਵੱਲ ਵੀ ਹੋ ਸਕਦਾ... ਦਰਸ਼ਨਾਂ ਵਰਗਾ ਪੰਜਾਬੀ ਕਾਨਫਰੰਸ ਦੌਰਾਨ ਅਸੀਂ ਸਰਦਾਰ ਜਸਜੀਤ ਸਿੰਘ ਬੱਧਨ ਦੇ ਘਰ ਗਏ ਜਿਥੇ ਸਾਨੂੰ ਸੰਜੀਤ ਸਿੰਘ ਦੀ ਕੰਪਨੀ ਦੇ ਟਰੱਕ ਮਿਲੇ। 'ਕੇ' ਅੱਖਰ ਵਾਲੇ 'ਕਰਾਊਨ' ਟਰੱਕ ਵੇਖ ਕੇ ਮਨ ਵਿੱਚ ਸਵਾਲ ਉੱਠਿਆ ਕਿ ਇਸ ਨਾਂ ਦਾ ਕੀ ਰਾਜ਼ ਹੈ। ਸੰਜੀਤ ਸਿੰਘ ਨੇ ਦੱਸਿਆ ਕਿ ਉਨ੍ਹਾਂ ਦੀ ਕੰਪਨੀ ਕਰਾਊਨ ਨਾਂ ਹੇਠ ਰਜਿਸਟਰ ਹੈ ਅਤੇ 'ਕੇ' ਨਾਲ ਲਿਖਣ ਦਾ ਕਾਰਨ ਉਨ੍ਹਾਂ ਦੇ ਪਰਿਵਾਰ ਦੀ ਪਰੰਪਰਾ ਨਾਲ ਜੁੜਿਆ ਹੋਇਆ ਹੈ। ਜਿਸ ਸਮਝ ਦੇ ਘਰ ਅਸੀਂ ਤਿੰਨ ਰਾਤਾਂ ਠਹਿਰੇ ਉਹਨਾਂ ਦਾ ਨਾਂ ਸਰਦਾਰ ਸੰਜੀਤ ਸਿੰਘ ਹੈ। ਉਹ 'ਕਰਾਊਨ ਕੰਕਰੀਟ ਕਟਿੰਗ ਐਂਡ ਕੋਰਿੰਗ ਲਿਮਿਟਡ' ਦੇ ਮਾਲਕ ਹਨ। ਉਹ ਕੰਕਰੀਟ ਦੇ ਵੱਡੇ ਸਲੈਬਾਂ ਨੂੰ ਕੱਟਣ ਅਤੇ ਉਨ੍ਹਾਂ ਵਿੱਚ ਛੇਕ ਕਰਨ ਦਾ ਕੰਮ ਕਰਦੇ ਹਨ।	ਸੁਰਿੰਦਰਜੀਤ ਕੌਰ ਨੂੰ ਦੱਸਿਆ ਕਿ ਪਰਿਵਾਰ ਦੇ ਵੱਡਿਆਂ ਦੀ ਅਸੀਸ ਨਾਲ ਹੀ ਸਾਰਾ ਕੁਝ ਸੰਭਵ ਹੋਇਆ। ਉਹਨਾਂ ਦੀ ਕੰਪਨੀ ਦੇ ਟਰੱਕਾਂ ਉੱਤੇ ਵੱਡੇ ਅੱਖਰਾਂ ਵਿੱਚ ਲਿਖਿਆ 'ਕੇ' ਵਾਲਾ 'ਕਰਾਊਨ' ਸਭ ਦਾ ਧਿਆਨ ਖਿੱਚਦਾ ਹੈ। ਕਰਾਊਨ ਨੇ ਹਮੇਸ਼ਾ ਆਪਣੀ ਸਾਖ਼ ਕਾਇਮ ਰੱਖੀ ਹੈ ਅਤੇ ਹਰ ਗਾਹਕ ਨੂੰ ਵਧੀਆ ਸੇਵਾ ਦਿੱਤੀ ਹੈ। ਇਹ ਸੱਚਮੁੱਚ ਸ਼ਾਨਮੱਤਾ ਤੇ ਮਾਣਮੱਤਾ ਕਰਾਊਨ ਹੈ ਜੋ ਪੰਜਾਬੀਆਂ ਦਾ ਨਾਂ ਰੋਸ਼ਨ ਕਰ ਰਿਹਾ ਹੈ।

KROWN

ਅੱਜ ਸੰਜੀਤ ਸਿੰਘ ਕੋਲ, ਕਰੋੜਾਂ ਡਾਲਰਾਂ ਵਿੱਚ ਖੇਡ ਰਹੇ ਹਨ। ਐਂਕਟ ਵਿੱਚ ਇਹ ਵੀ ਆਉਂਦਾ ਕਿ ਹਰ ਰੋਜ਼ ਉਨ੍ਹਾਂ ਦੀ ਕੰਪਨੀ ਦੇ ਟਰੱਕ ਕੰਮ ਉੱਤੇ ਜਾਂਦੇ ਹਨ। ਸਰਦਾਰ ਸੰਜੀਤ ਸਿੰਘ ਦੀ ਜ਼ਿੰਦਗੀ ਨੇ ਇਹ ਦਿਖਾਇਆ ਕਿ ਮਿਹਨਤ ਅਤੇ ਇਮਾਨਦਾਰੀ ਨਾਲ ਕੀਤਾ ਕੰਮ ਹਮੇਸ਼ਾ ਰੰਗ ਲਿਆਉਂਦਾ ਹੈ। ਗੱਲਾਂ ਗੱਲਾਂ ਵਿੱਚ ਉਹਨਾਂ ਦੱਸਿਆ ਕਿ ਉਹ ਬੜੇ ਸਾਧਾਰਨ ਪਰਿਵਾਰ ਤੋਂ ਉੱਠ ਕੇ ਇਥੇ ਤੱਕ ਪਹੁੰਚੇ ਹਨ ਅਤੇ ਉਨ੍ਹਾਂ ਦਾ ਸਫ਼ਰ ਬਹੁਤ ਔਖਾ ਰਿਹਾ।

'ਪੈਗਾਮ-ਏ-ਜਗਤ' 'ਚ ਪ੍ਰਕਾਸ਼ਿਤ ਸਮੱਗਰੀ ਅਤੇ ਹੋਰ ਵਾਦ-ਵਿਵਾਦ ਸੰਬੰਧੀ ਕੇਸਾਂ ਦਾ ਨਿਪਟਾਰਾ ਸਿਰਫ਼ ਮੁਹਾਲੀ (ਚੰਡੀਗੜ੍ਹ) ਕੋਰਟ ਵਿੱਚ ਹੀ ਹੋਵੇਗਾ। ਲੇਖਕਾਂ ਦੀ ਰਾਏ ਨਾਲ ਸੰਪਾਦਕ ਦਾ ਸਹਿਮਤ ਹੋਣਾ ਜ਼ਰੂਰੀ ਨਹੀਂ। -ਸੰਪਾਦਕ, ਪੈਗਾਮ-ਏ-ਜਗਤ
